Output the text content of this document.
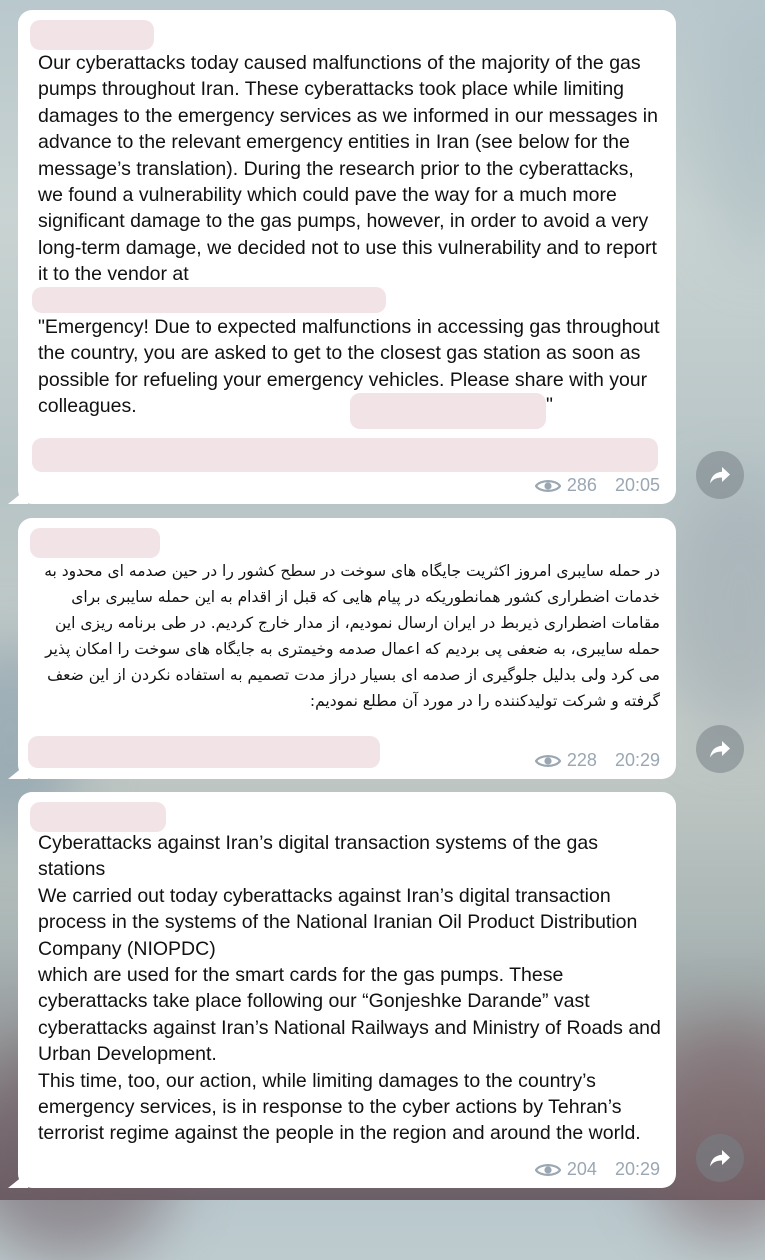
Our cyberattacks today caused malfunctions of the majority of the gas pumps throughout Iran. These cyberattacks took place while limiting damages to the emergency services as we informed in our messages in advance to the relevant emergency entities in Iran (see below for the message’s translation). During the research prior to the cyberattacks, we found a vulnerability which could pave the way for a much more significant damage to the gas pumps, however, in order to avoid a very long-term damage, we decided not to use this vulnerability and to report it to the vendor at
"Emergency! Due to expected malfunctions in accessing gas throughout the country, you are asked to get to the closest gas station as soon as possible for refueling your emergency vehicles. Please share with your colleagues.	"
286 20:05
در حمله سایبری امروز اکثریت جایگاه های سوخت در سطح کشور را در حین صدمه ای محدود به خدمات اضطراری کشور همانطوریکه در پیام هایی که قبل از اقدام به این حمله سایبری برای مقامات اضطراری ذیربط در ایران ارسال نمودیم، از مدار خارج کردیم. در طی برنامه ریزی این حمله سایبری، به ضعفی پی بردیم که اعمال صدمه وخیمتری به جایگاه های سوخت را امکان پذیر می کرد ولی بدلیل جلوگیری از صدمه ای بسیار دراز مدت تصمیم به استفاده نکردن از این ضعف گرفته و شرکت تولیدکننده را در مورد آن مطلع نمودیم:
228 20:29
Cyberattacks against Iran’s digital transaction systems of the gas stations
We carried out today cyberattacks against Iran’s digital transaction process in the systems of the National Iranian Oil Product Distribution Company (NIOPDC)
which are used for the smart cards for the gas pumps. These cyberattacks take place following our “Gonjeshke Darande” vast cyberattacks against Iran’s National Railways and Ministry of Roads and Urban Development.
This time, too, our action, while limiting damages to the country’s emergency services, is in response to the cyber actions by Tehran’s terrorist regime against the people in the region and around the world.
204 20:29
